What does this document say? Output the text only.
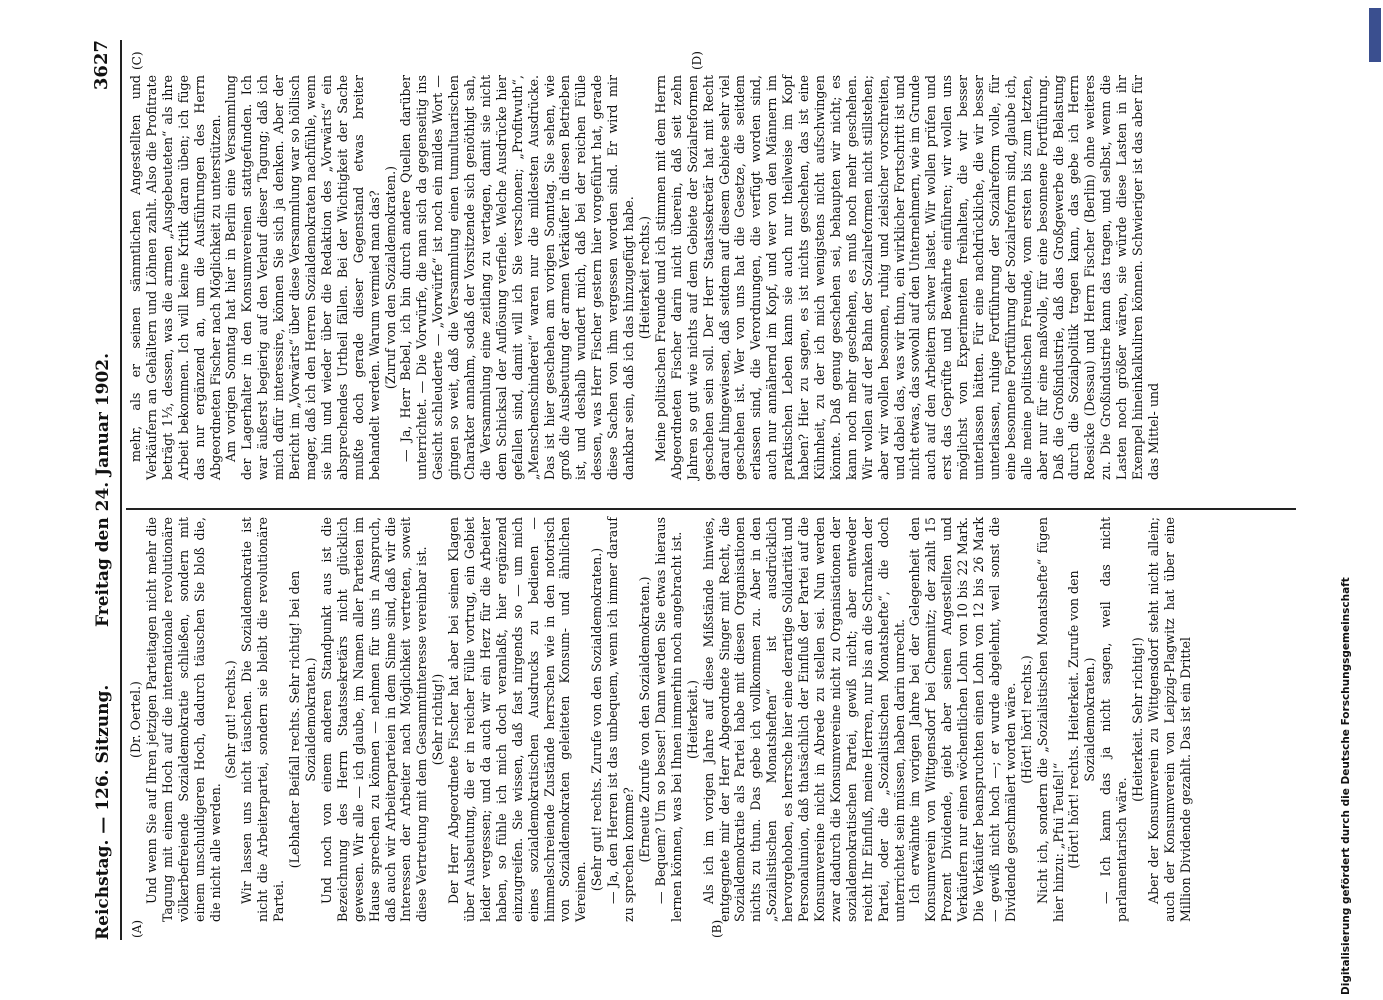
Reichstag. — 126. Sitzung.
Freitag den 24. Januar 1902.
3627
(A)	(B)
(C)	(D)

(Dr. Oertel.) Und wenn Sie auf Ihren jetzigen Parteitagen nicht mehr die Tagung mit einem Hoch auf die internationale revolutionäre völkerbefreiende Sozialdemokratie schließen, sondern mit einem unschuldigeren Hoch, dadurch täuschen Sie bloß die, die nicht alle werden.

(Sehr gut! rechts.) Wir lassen uns nicht täuschen. Die Sozialdemokratie ist nicht die Arbeiterpartei, sondern sie bleibt die revolutionäre Partei.

(Lebhafter Beifall rechts. Sehr richtig! bei den Sozialdemokraten.) Und noch von einem anderen Standpunkt aus ist die Bezeichnung des Herrn Staatssekretärs nicht glücklich gewesen. Wir alle — ich glaube, im Namen aller Parteien im Hause sprechen zu können — nehmen für uns in Anspruch, daß auch wir Arbeiterparteien in dem Sinne sind, daß wir die Interessen der Arbeiter nach Möglichkeit vertreten, soweit diese Vertretung mit dem Gesammtinteresse vereinbar ist. (Sehr richtig!) Der Herr Abgeordnete Fischer hat aber bei seinen Klagen über Ausbeutung, die er in reicher Fülle vortrug, ein Gebiet leider vergessen; und da auch wir ein Herz für die Arbeiter haben, so fühle ich mich doch veranlaßt, hier ergänzend einzugreifen. Sie wissen, daß fast nirgends so — um mich eines sozialdemokratischen Ausdrucks zu bedienen — himmelschreiende Zustände herrschen wie in den notorisch von Sozialdemokraten geleiteten Konsum- und ähnlichen Vereinen.

(Sehr gut! rechts. Zurufe von den Sozialdemokraten.) — Ja, den Herren ist das unbequem, wenn ich immer darauf zu sprechen komme? (Erneute Zurufe von den Sozialdemokraten.) — Bequem? Um so besser! Dann werden Sie etwas hieraus lernen können, was bei Ihnen immerhin noch angebracht ist. (Heiterkeit.) Als ich im vorigen Jahre auf diese Mißstände hinwies, entgegnete mir der Herr Abgeordnete Singer mit Recht, die Sozialdemokratie als Partei habe mit diesen Organisationen nichts zu thun. Das gebe ich vollkommen zu. Aber in den „Sozialistischen Monatsheften“ ist ausdrücklich hervorgehoben, es herrsche hier eine derartige Solidarität und Personalunion, daß thatsächlich der Einfluß der Partei auf die Konsumvereine nicht in Abrede zu stellen sei. Nun werden zwar dadurch die Konsumvereine nicht zu Organisationen der sozialdemokratischen Partei, gewiß nicht; aber entweder reicht Ihr Einfluß, meine Herren, nur bis an die Schranken der Partei, oder die „Sozialistischen Monatshefte“, die doch unterrichtet sein müssen, haben darin unrecht. Ich erwähnte im vorigen Jahre bei der Gelegenheit den Konsumverein von Wittgensdorf bei Chemnitz; der zahlt 15 Prozent Dividende, giebt aber seinen Angestellten und Verkäufern nur einen wöchentlichen Lohn von 10 bis 22 Mark. Die Verkäufer beanspruchten einen Lohn von 12 bis 26 Mark — gewiß nicht hoch —; er wurde abgelehnt, weil sonst die Dividende geschmälert worden wäre. (Hört! hört! rechts.) Nicht ich, sondern die „Sozialistischen Monatshefte“ fügen hier hinzu: „Pfui Teufel!“ (Hört! hört! rechts. Heiterkeit. Zurufe von den Sozialdemokraten.) — Ich kann das ja nicht sagen, weil das nicht parlamentarisch wäre.

(Heiterkeit. Sehr richtig!) Aber der Konsumverein zu Wittgensdorf steht nicht allein; auch der Konsumverein von Leipzig-Plagwitz hat über eine Million Dividende gezahlt. Das ist ein Drittel

mehr, als er seinen sämmtlichen Angestellten und Verkäufern an Gehältern und Löhnen zahlt. Also die Profitrate beträgt 1⅓, dessen, was die armen „Ausgebeuteten“ als ihre Arbeit bekommen. Ich will keine Kritik daran üben; ich füge das nur ergänzend an, um die Ausführungen des Herrn Abgeordneten Fischer nach Möglichkeit zu unterstützen. Am vorigen Sonntag hat hier in Berlin eine Versammlung der Lagerhalter in den Konsumvereinen stattgefunden. Ich war äußerst begierig auf den Verlauf dieser Tagung; daß ich mich dafür interessire, können Sie sich ja denken. Aber der Bericht im „Vorwärts“ über diese Versammlung war so höllisch mager, daß ich den Herren Sozialdemokraten nachfühle, wenn sie hin und wieder über die Redaktion des „Vorwärts“ ein absprechendes Urtheil fällen. Bei der Wichtigkeit der Sache mußte doch gerade dieser Gegenstand etwas breiter behandelt werden. Warum vermied man das? (Zuruf von den Sozialdemokraten.) — Ja, Herr Bebel, ich bin durch andere Quellen darüber unterrichtet. — Die Vorwürfe, die man sich da gegenseitig ins Gesicht schleuderte — „Vorwürfe“ ist noch ein mildes Wort — gingen so weit, daß die Versammlung einen tumultuarischen Charakter annahm, sodaß der Vorsitzende sich genöthigt sah, die Versammlung eine zeitlang zu vertagen, damit sie nicht dem Schicksal der Auflösung verfiele. Welche Ausdrücke hier gefallen sind, damit will ich Sie verschonen; „Profitwuth“, „Menschenschinderei“ waren nur die mildesten Ausdrücke. Das ist hier geschehen am vorigen Sonntag. Sie sehen, wie groß die Ausbeutung der armen Verkäufer in diesen Betrieben ist, und deshalb wundert mich, daß bei der reichen Fülle dessen, was Herr Fischer gestern hier vorgeführt hat, gerade diese Sachen von ihm vergessen worden sind. Er wird mir dankbar sein, daß ich das hinzugefügt habe. (Heiterkeit rechts.) Meine politischen Freunde und ich stimmen mit dem Herrn Abgeordneten Fischer darin nicht überein, daß seit zehn Jahren so gut wie nichts auf dem Gebiete der Sozialreformen geschehen sein soll. Der Herr Staatssekretär hat mit Recht darauf hingewiesen, daß seitdem auf diesem Gebiete sehr viel geschehen ist. Wer von uns hat die Gesetze, die seitdem erlassen sind, die Verordnungen, die verfügt worden sind, auch nur annähernd im Kopf, und wer von den Männern im praktischen Leben kann sie auch nur theilweise im Kopf haben? Hier zu sagen, es ist nichts geschehen, das ist eine Kühnheit, zu der ich mich wenigstens nicht aufschwingen könnte. Daß genug geschehen sei, behaupten wir nicht; es kann noch mehr geschehen, es muß noch mehr geschehen. Wir wollen auf der Bahn der Sozialreformen nicht stillstehen; aber wir wollen besonnen, ruhig und zielsicher vorschreiten, und dabei das, was wir thun, ein wirklicher Fortschritt ist und nicht etwas, das sowohl auf den Unternehmern, wie im Grunde auch auf den Arbeitern schwer lastet. Wir wollen prüfen und erst das Geprüfte und Bewährte einführen; wir wollen uns möglichst von Experimenten freihalten, die wir besser unterlassen hätten. Für eine nachdrückliche, die wir besser unterlassen, ruhige Fortführung der Sozialreform volle, für eine besonnene Fortführung der Sozialreform sind, glaube ich, alle meine politischen Freunde, vom ersten bis zum letzten, aber nur für eine maßvolle, für eine besonnene Fortführung. Daß die Großindustrie, daß das Großgewerbe die Belastung durch die Sozialpolitik tragen kann, das gebe ich Herrn Roesicke (Dessau) und Herrn Fischer (Berlin) ohne weiteres zu. Die Großindustrie kann das tragen, und selbst, wenn die Lasten noch größer wären, sie würde diese Lasten in ihr Exempel hineinkalkuliren können. Schwieriger ist das aber für das Mittel- und

Digitalisierung gefördert durch die Deutsche Forschungsgemeinschaft
DFG
